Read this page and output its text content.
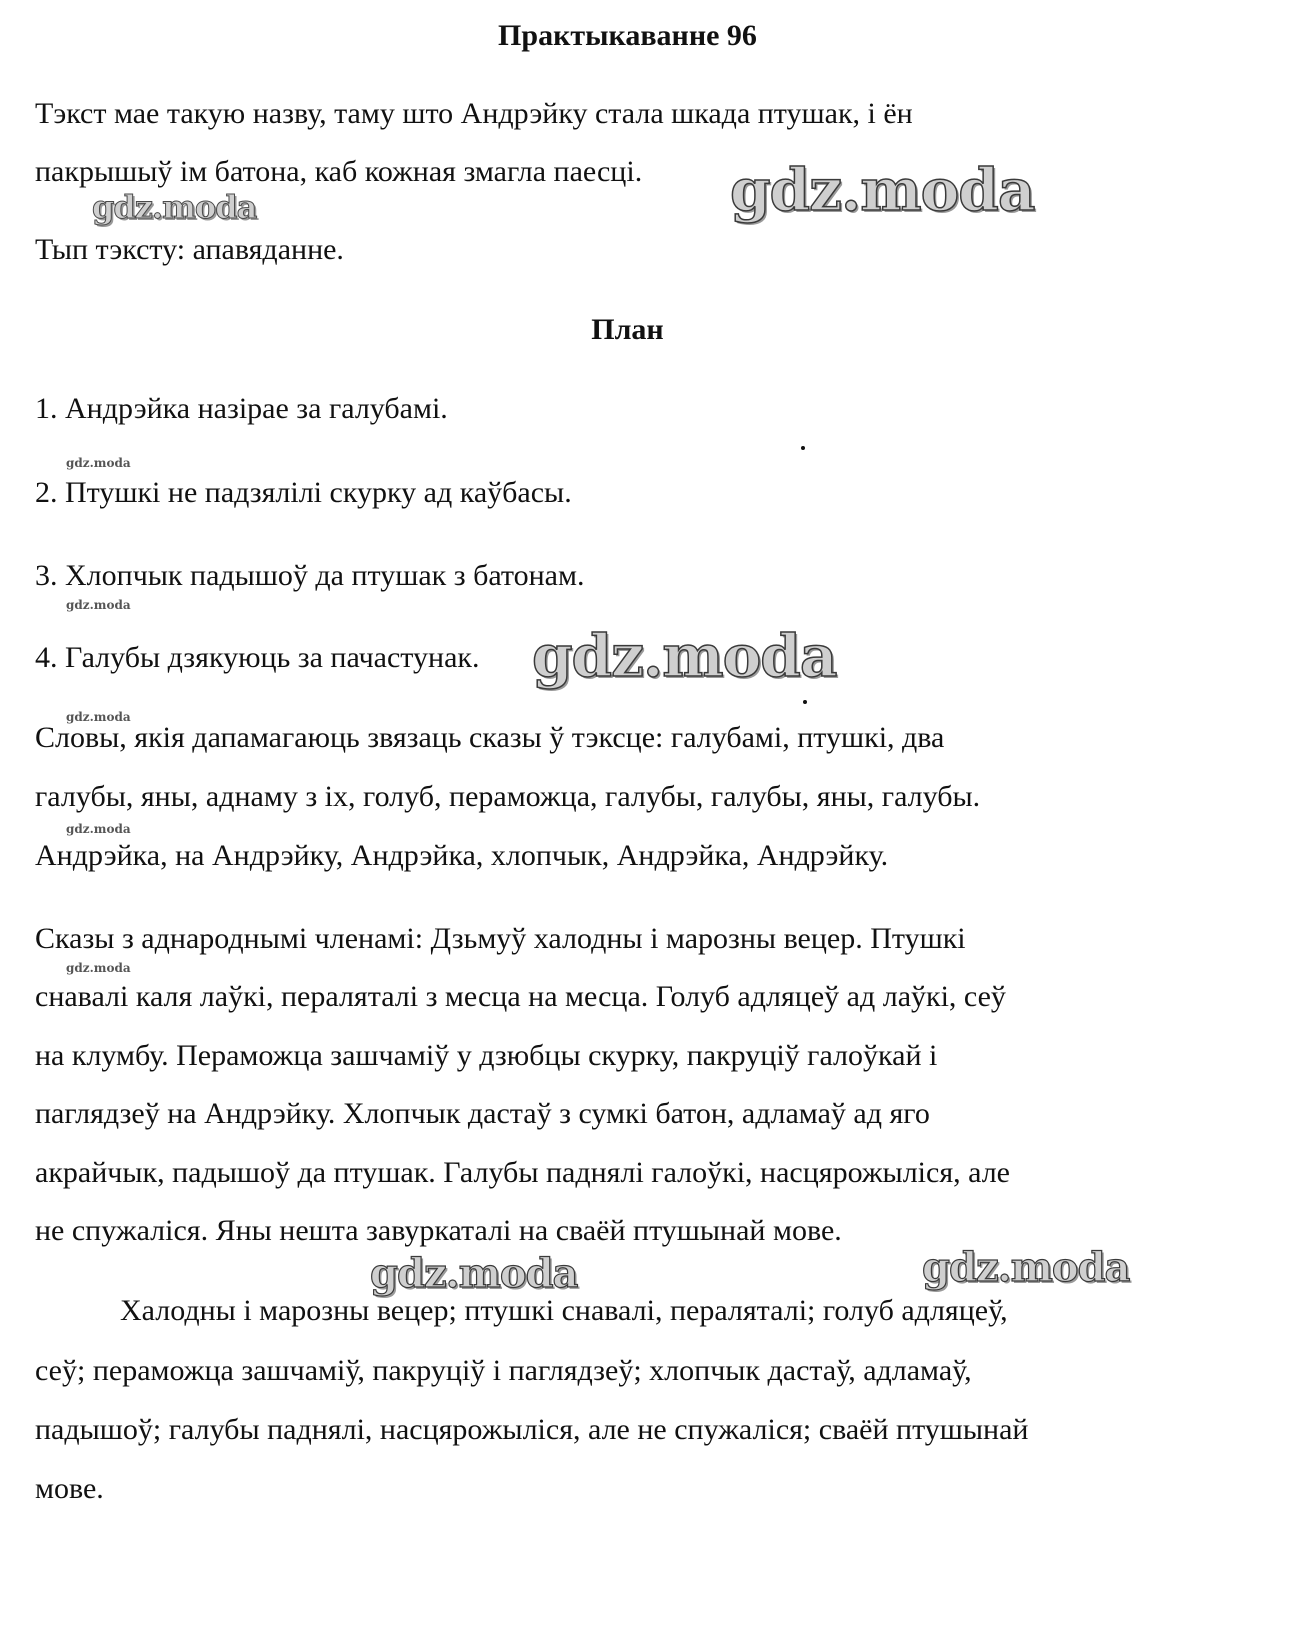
Практыкаванне 96
Тэкст мае такую назву, таму што Андрэйку стала шкада птушак, і ён
пакрышыў ім батона, каб кожная змагла паесці.
Тып тэксту: апавяданне.
План
1. Андрэйка назірае за галубамі.
2. Птушкі не падзялілі скурку ад каўбасы.
3. Хлопчык падышоў да птушак з батонам.
4. Галубы дзякуюць за пачастунак.
Словы, якія дапамагаюць звязаць сказы ў тэксце: галубамі, птушкі, два
галубы, яны, аднаму з іх, голуб, пераможца, галубы, галубы, яны, галубы.
Андрэйка, на Андрэйку, Андрэйка, хлопчык, Андрэйка, Андрэйку.
Сказы з аднароднымі членамі: Дзьмуў халодны і марозны вецер. Птушкі
снавалі каля лаўкі, пераляталі з месца на месца. Голуб адляцеў ад лаўкі, сеў
на клумбу. Пераможца зашчаміў у дзюбцы скурку, пакруціў галоўкай і
паглядзеў на Андрэйку. Хлопчык дастаў з сумкі батон, адламаў ад яго
акрайчык, падышоў да птушак. Галубы паднялі галоўкі, насцярожыліся, але
не спужаліся. Яны нешта завуркаталі на сваёй птушынай мове.
Халодны і марозны вецер; птушкі снавалі, пераляталі; голуб адляцеў,
сеў; пераможца зашчаміў, пакруціў і паглядзеў; хлопчык дастаў, адламаў,
падышоў; галубы паднялі, насцярожыліся, але не спужаліся; сваёй птушынай
мове.
gdz.moda
gdz.moda
gdz.moda
gdz.moda	gdz.moda
gdz.moda
gdz.moda
gdz.moda
gdz.moda
gdz.moda
